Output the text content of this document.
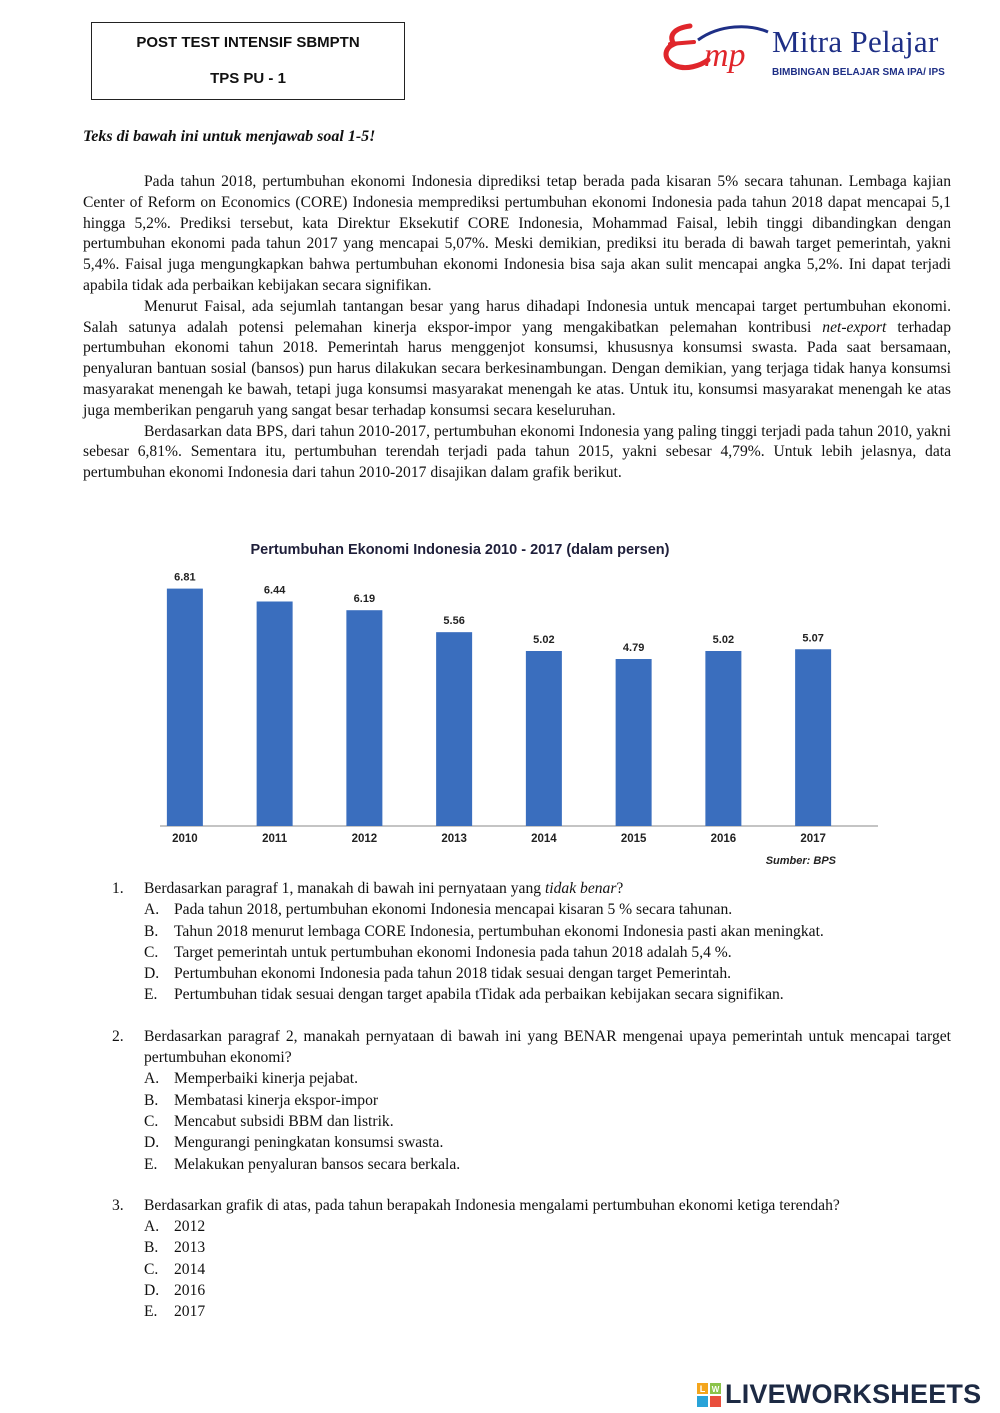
POST TEST INTENSIF SBMPTN
TPS PU - 1
mp Mitra Pelajar
BIMBINGAN BELAJAR SMA IPA/ IPS
Teks di bawah ini untuk menjawab soal 1-5!

Pada tahun 2018, pertumbuhan ekonomi Indonesia diprediksi tetap berada pada kisaran 5% secara tahunan. Lembaga kajian Center of Reform on Economics (CORE) Indonesia memprediksi pertumbuhan ekonomi Indonesia pada tahun 2018 dapat mencapai 5,1 hingga 5,2%. Prediksi tersebut, kata Direktur Eksekutif CORE Indonesia, Mohammad Faisal, lebih tinggi dibandingkan dengan pertumbuhan ekonomi pada tahun 2017 yang mencapai 5,07%. Meski demikian, prediksi itu berada di bawah target pemerintah, yakni 5,4%. Faisal juga mengungkapkan bahwa pertumbuhan ekonomi Indonesia bisa saja akan sulit mencapai angka 5,2%. Ini dapat terjadi apabila tidak ada perbaikan kebijakan secara signifikan.

Menurut Faisal, ada sejumlah tantangan besar yang harus dihadapi Indonesia untuk mencapai target pertumbuhan ekonomi. Salah satunya adalah potensi pelemahan kinerja ekspor-impor yang mengakibatkan pelemahan kontribusi net-export terhadap pertumbuhan ekonomi tahun 2018. Pemerintah harus menggenjot konsumsi, khususnya konsumsi swasta. Pada saat bersamaan, penyaluran bantuan sosial (bansos) pun harus dilakukan secara berkesinambungan. Dengan demikian, yang terjaga tidak hanya konsumsi masyarakat menengah ke bawah, tetapi juga konsumsi masyarakat menengah ke atas. Untuk itu, konsumsi masyarakat menengah ke atas juga memberikan pengaruh yang sangat besar terhadap konsumsi secara keseluruhan.

Berdasarkan data BPS, dari tahun 2010-2017, pertumbuhan ekonomi Indonesia yang paling tinggi terjadi pada tahun 2010, yakni sebesar 6,81%. Sementara itu, pertumbuhan terendah terjadi pada tahun 2015, yakni sebesar 4,79%. Untuk lebih jelasnya, data pertumbuhan ekonomi Indonesia dari tahun 2010-2017 disajikan dalam grafik berikut.

Pertumbuhan Ekonomi Indonesia 2010 - 2017 (dalam persen)
6.81
2010
6.44
2011
6.19
2012
5.56
2013
5.02
2014
4.79
2015
5.02
2016
5.07
2017
Sumber: BPS
1. Berdasarkan paragraf 1, manakah di bawah ini pernyataan yang tidak benar?
A. Pada tahun 2018, pertumbuhan ekonomi Indonesia mencapai kisaran 5 % secara tahunan.
B. Tahun 2018 menurut lembaga CORE Indonesia, pertumbuhan ekonomi Indonesia pasti akan meningkat.
C. Target pemerintah untuk pertumbuhan ekonomi Indonesia pada tahun 2018 adalah 5,4 %.
D. Pertumbuhan ekonomi Indonesia pada tahun 2018 tidak sesuai dengan target Pemerintah.
E. Pertumbuhan tidak sesuai dengan target apabila tTidak ada perbaikan kebijakan secara signifikan.
2. Berdasarkan paragraf 2, manakah pernyataan di bawah ini yang BENAR mengenai upaya pemerintah untuk mencapai target pertumbuhan ekonomi?
A. Memperbaiki kinerja pejabat.
B. Membatasi kinerja ekspor-impor
C. Mencabut subsidi BBM dan listrik.
D. Mengurangi peningkatan konsumsi swasta.
E. Melakukan penyaluran bansos secara berkala.
3. Berdasarkan grafik di atas, pada tahun berapakah Indonesia mengalami pertumbuhan ekonomi ketiga terendah?
A. 2012
B. 2013
C. 2014
D. 2016
E. 2017
L W LIVEWORKSHEETS
